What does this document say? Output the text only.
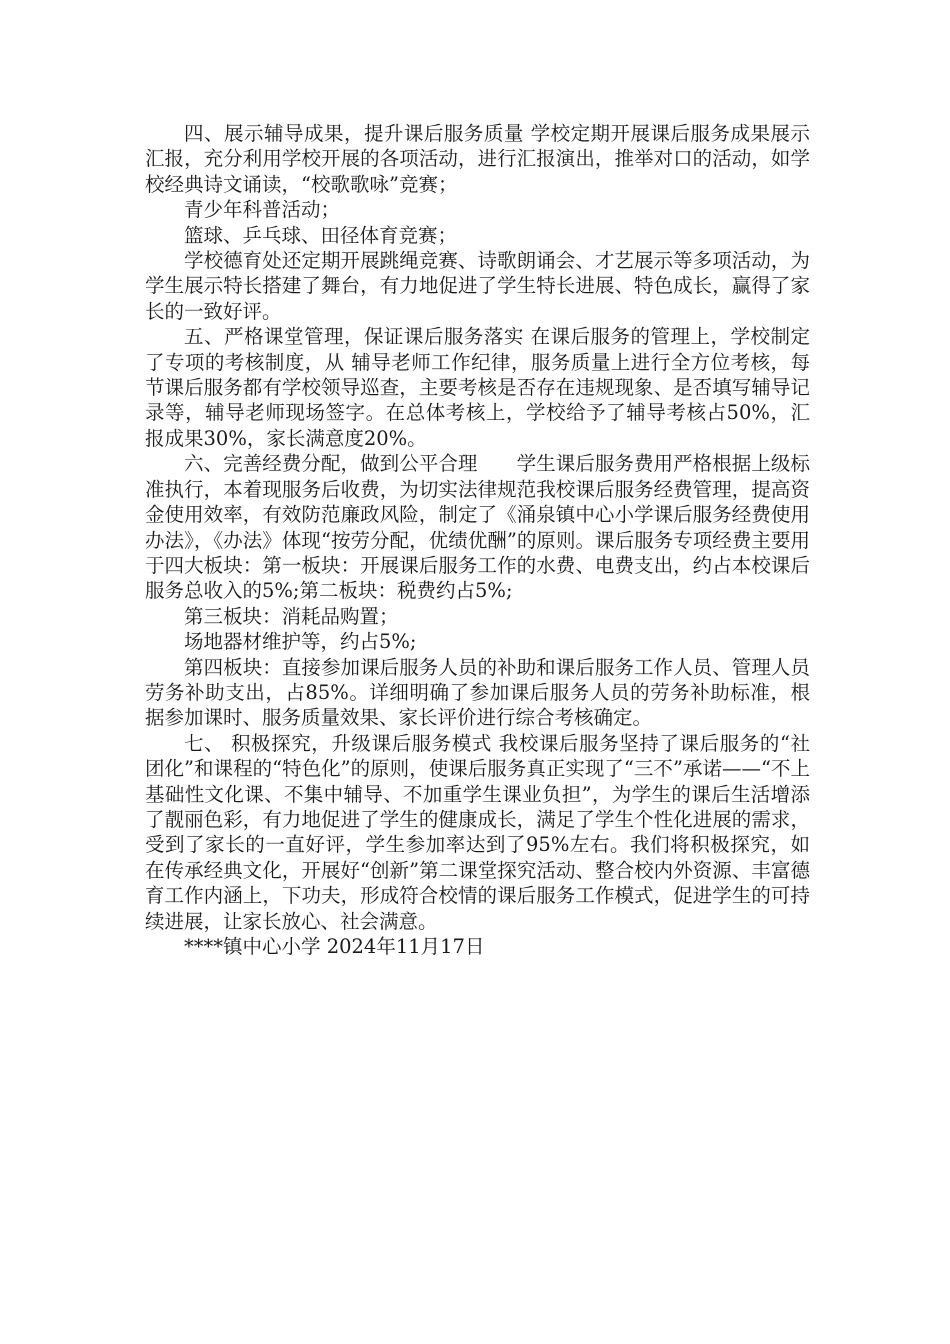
四、展示辅导成果，提升课后服务质量 学校定期开展课后服务成果展示汇报，充分利用学校开展的各项活动，进行汇报演出，推举对口的活动，如学校经典诗文诵读，“校歌歌咏”竞赛；

青少年科普活动；

篮球、乒乓球、田径体育竞赛；

学校德育处还定期开展跳绳竞赛、诗歌朗诵会、才艺展示等多项活动，为学生展示特长搭建了舞台，有力地促进了学生特长进展、特色成长，赢得了家长的一致好评。

五、严格课堂管理，保证课后服务落实 在课后服务的管理上，学校制定了专项的考核制度，从 辅导老师工作纪律，服务质量上进行全方位考核，每节课后服务都有学校领导巡查，主要考核是否存在违规现象、是否填写辅导记录等，辅导老师现场签字。在总体考核上，学校给予了辅导考核占50%，汇报成果30%，家长满意度20%。

六、完善经费分配，做到公平合理　　学生课后服务费用严格根据上级标准执行，本着现服务后收费，为切实法律规范我校课后服务经费管理，提高资金使用效率，有效防范廉政风险，制定了《涌泉镇中心小学课后服务经费使用办法》，《办法》体现“按劳分配，优绩优酬”的原则。课后服务专项经费主要用于四大板块：第一板块：开展课后服务工作的水费、电费支出，约占本校课后服务总收入的5%;第二板块：税费约占5%;

第三板块：消耗品购置；

场地器材维护等，约占5%;

第四板块：直接参加课后服务人员的补助和课后服务工作人员、管理人员劳务补助支出，占85%。详细明确了参加课后服务人员的劳务补助标准，根据参加课时、服务质量效果、家长评价进行综合考核确定。

七、 积极探究，升级课后服务模式 我校课后服务坚持了课后服务的“社团化”和课程的“特色化”的原则，使课后服务真正实现了“三不”承诺——“不上基础性文化课、不集中辅导、不加重学生课业负担”，为学生的课后生活增添了靓丽色彩，有力地促进了学生的健康成长，满足了学生个性化进展的需求，受到了家长的一直好评，学生参加率达到了95%左右。我们将积极探究，如在传承经典文化，开展好“创新”第二课堂探究活动、整合校内外资源、丰富德育工作内涵上，下功夫，形成符合校情的课后服务工作模式，促进学生的可持续进展，让家长放心、社会满意。

****镇中心小学 2024年11月17日
